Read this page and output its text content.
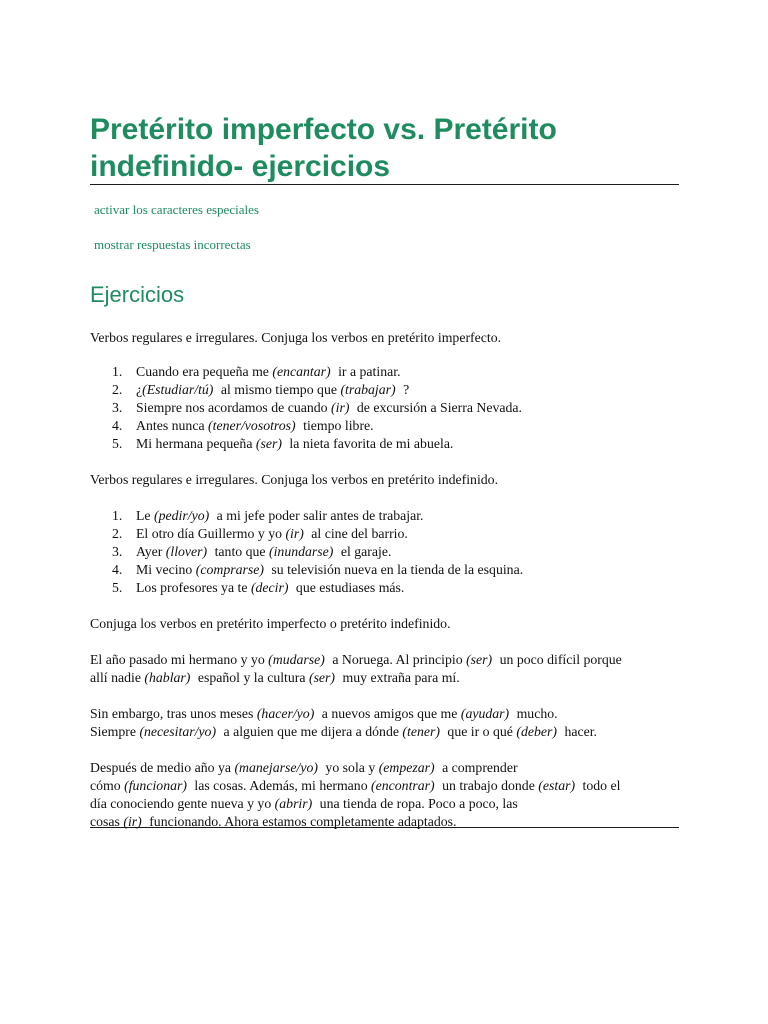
Pretérito imperfecto vs. Pretérito indefinido- ejercicios
activar los caracteres especiales
mostrar respuestas incorrectas
Ejercicios
Verbos regulares e irregulares. Conjuga los verbos en pretérito imperfecto.
1. Cuando era pequeña me (encantar) ir a patinar.
2. ¿(Estudiar/tú) al mismo tiempo que (trabajar) ?
3. Siempre nos acordamos de cuando (ir) de excursión a Sierra Nevada.
4. Antes nunca (tener/vosotros) tiempo libre.
5. Mi hermana pequeña (ser) la nieta favorita de mi abuela.
Verbos regulares e irregulares. Conjuga los verbos en pretérito indefinido.
1. Le (pedir/yo) a mi jefe poder salir antes de trabajar.
2. El otro día Guillermo y yo (ir) al cine del barrio.
3. Ayer (llover) tanto que (inundarse) el garaje.
4. Mi vecino (comprarse) su televisión nueva en la tienda de la esquina.
5. Los profesores ya te (decir) que estudiases más.
Conjuga los verbos en pretérito imperfecto o pretérito indefinido.
El año pasado mi hermano y yo (mudarse) a Noruega. Al principio (ser) un poco difícil porque
allí nadie (hablar) español y la cultura (ser) muy extraña para mí.
Sin embargo, tras unos meses (hacer/yo) a nuevos amigos que me (ayudar) mucho.
Siempre (necesitar/yo) a alguien que me dijera a dónde (tener) que ir o qué (deber) hacer.
Después de medio año ya (manejarse/yo) yo sola y (empezar) a comprender
cómo (funcionar) las cosas. Además, mi hermano (encontrar) un trabajo donde (estar) todo el
día conociendo gente nueva y yo (abrir) una tienda de ropa. Poco a poco, las
cosas (ir) funcionando. Ahora estamos completamente adaptados.
